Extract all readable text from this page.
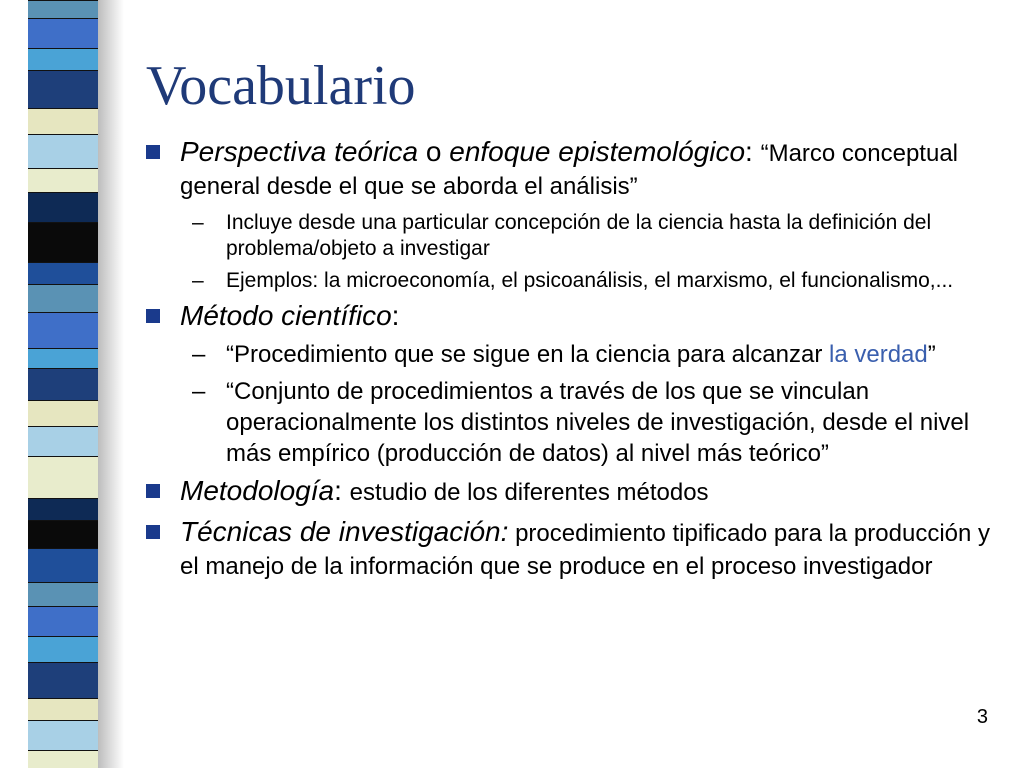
Vocabulario
Perspectiva teórica o enfoque epistemológico: “Marco conceptual general desde el que se aborda el análisis”
– Incluye desde una particular concepción de la ciencia hasta la definición del problema/objeto a investigar
– Ejemplos: la microeconomía, el psicoanálisis, el marxismo, el funcionalismo,...
Método científico:
– “Procedimiento que se sigue en la ciencia para alcanzar la verdad”
– “Conjunto de procedimientos a través de los que se vinculan operacionalmente los distintos niveles de investigación, desde el nivel más empírico (producción de datos) al nivel más teórico”
Metodología: estudio de los diferentes métodos
Técnicas de investigación: procedimiento tipificado para la producción y el manejo de la información que se produce en el proceso investigador
3
